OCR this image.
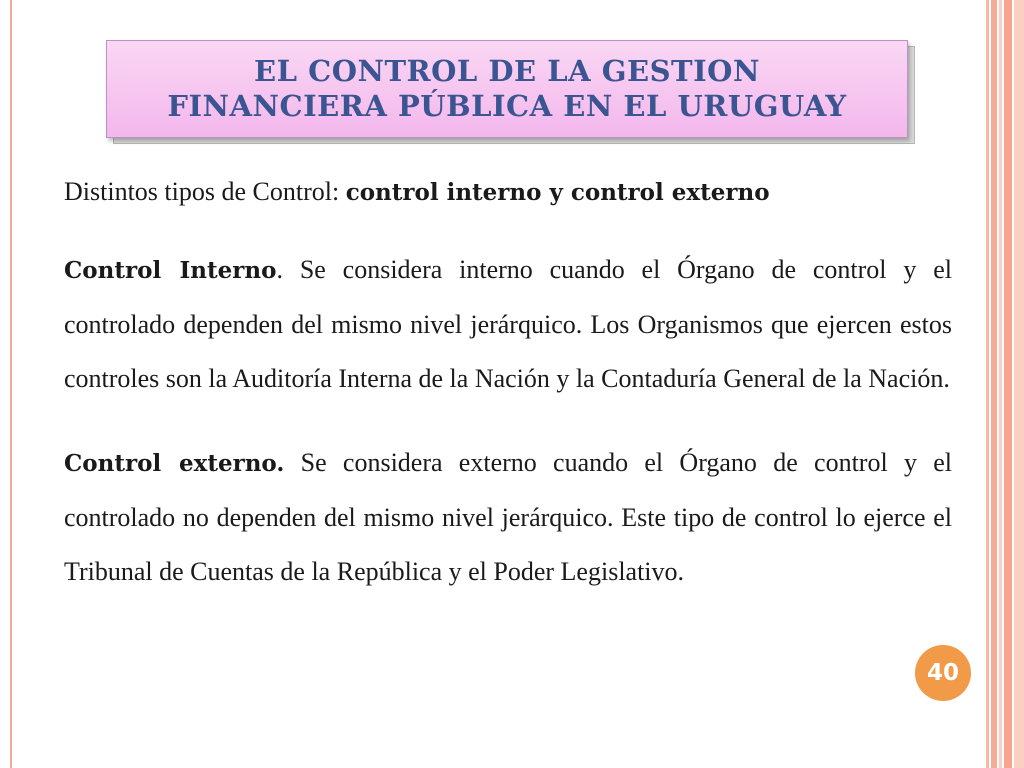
EL CONTROL DE LA GESTION
FINANCIERA PÚBLICA EN EL URUGUAY

Distintos tipos de Control: control interno y control externo

Control Interno. Se considera interno cuando el Órgano de control y el controlado dependen del mismo nivel jerárquico. Los Organismos que ejercen estos controles son la Auditoría Interna de la Nación y la Contaduría General de la Nación.

Control externo. Se considera externo cuando el Órgano de control y el controlado no dependen del mismo nivel jerárquico. Este tipo de control lo ejerce el Tribunal de Cuentas de la República y el Poder Legislativo.

40
